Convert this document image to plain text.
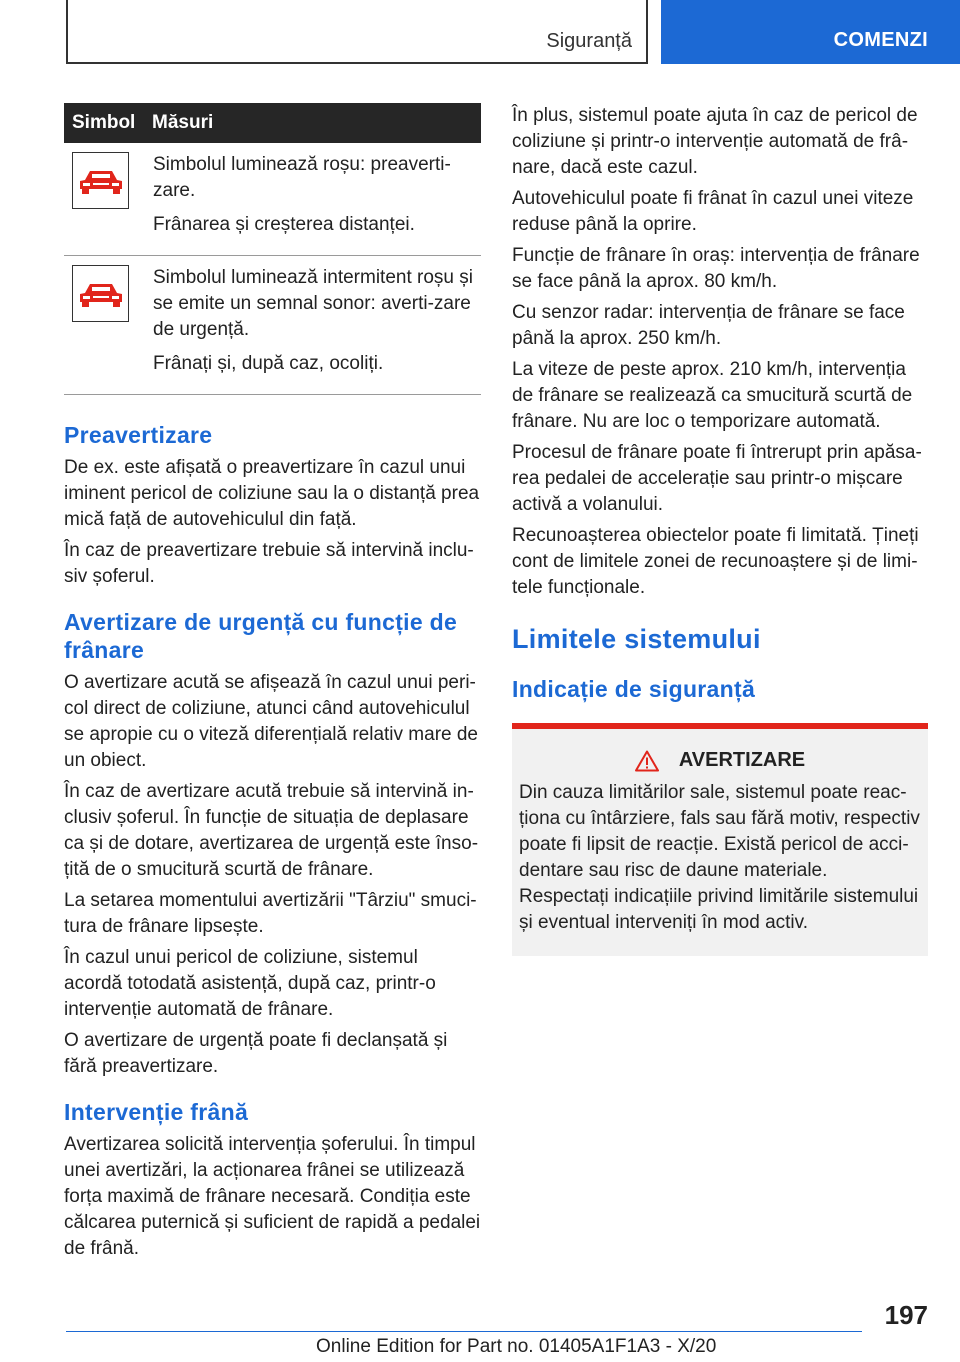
Siguranță	COMENZI
Simbol	Măsuri

Simbolul luminează roșu: preaverti-zare.

Frânarea și creșterea distanței.

Simbolul luminează intermitent roșu și se emite un semnal sonor: averti-zare de urgență.

Frânați și, după caz, ocoliți.

Preavertizare

De ex. este afișată o preavertizare în cazul unui iminent pericol de coliziune sau la o distanță prea mică față de autovehiculul din față.

În caz de preavertizare trebuie să intervină inclu-siv șoferul.

Avertizare de urgență cu funcție de frânare

O avertizare acută se afișează în cazul unui peri-col direct de coliziune, atunci când autovehiculul se apropie cu o viteză diferențială relativ mare de un obiect.

În caz de avertizare acută trebuie să intervină in-clusiv șoferul. În funcție de situația de deplasare ca și de dotare, avertizarea de urgență este înso-țită de o smucitură scurtă de frânare.

La setarea momentului avertizării "Târziu" smuci-tura de frânare lipsește.

În cazul unui pericol de coliziune, sistemul acordă totodată asistență, după caz, printr-o intervenție automată de frânare.

O avertizare de urgență poate fi declanșată și fără preavertizare.

Intervenție frână

Avertizarea solicită intervenția șoferului. În timpul unei avertizări, la acționarea frânei se utilizează forța maximă de frânare necesară. Condiția este călcarea puternică și suficient de rapidă a pedalei de frână.

În plus, sistemul poate ajuta în caz de pericol de coliziune și printr-o intervenție automată de frâ-nare, dacă este cazul.

Autovehiculul poate fi frânat în cazul unei viteze reduse până la oprire.

Funcție de frânare în oraș: intervenția de frânare se face până la aprox. 80 km/h.

Cu senzor radar: intervenția de frânare se face până la aprox. 250 km/h.

La viteze de peste aprox. 210 km/h, intervenția de frânare se realizează ca smucitură scurtă de frânare. Nu are loc o temporizare automată.

Procesul de frânare poate fi întrerupt prin apăsa-rea pedalei de accelerație sau printr-o mișcare activă a volanului.

Recunoașterea obiectelor poate fi limitată. Țineți cont de limitele zonei de recunoaștere și de limi-tele funcționale.

Limitele sistemului
Indicație de siguranță
AVERTIZARE
Din cauza limitărilor sale, sistemul poate reac-ționa cu întârziere, fals sau fără motiv, respectiv poate fi lipsit de reacție. Există pericol de acci-dentare sau risc de daune materiale. Respectați indicațiile privind limitările sistemului și eventual interveniți în mod activ.
197
Online Edition for Part no. 01405A1F1A3 - X/20
